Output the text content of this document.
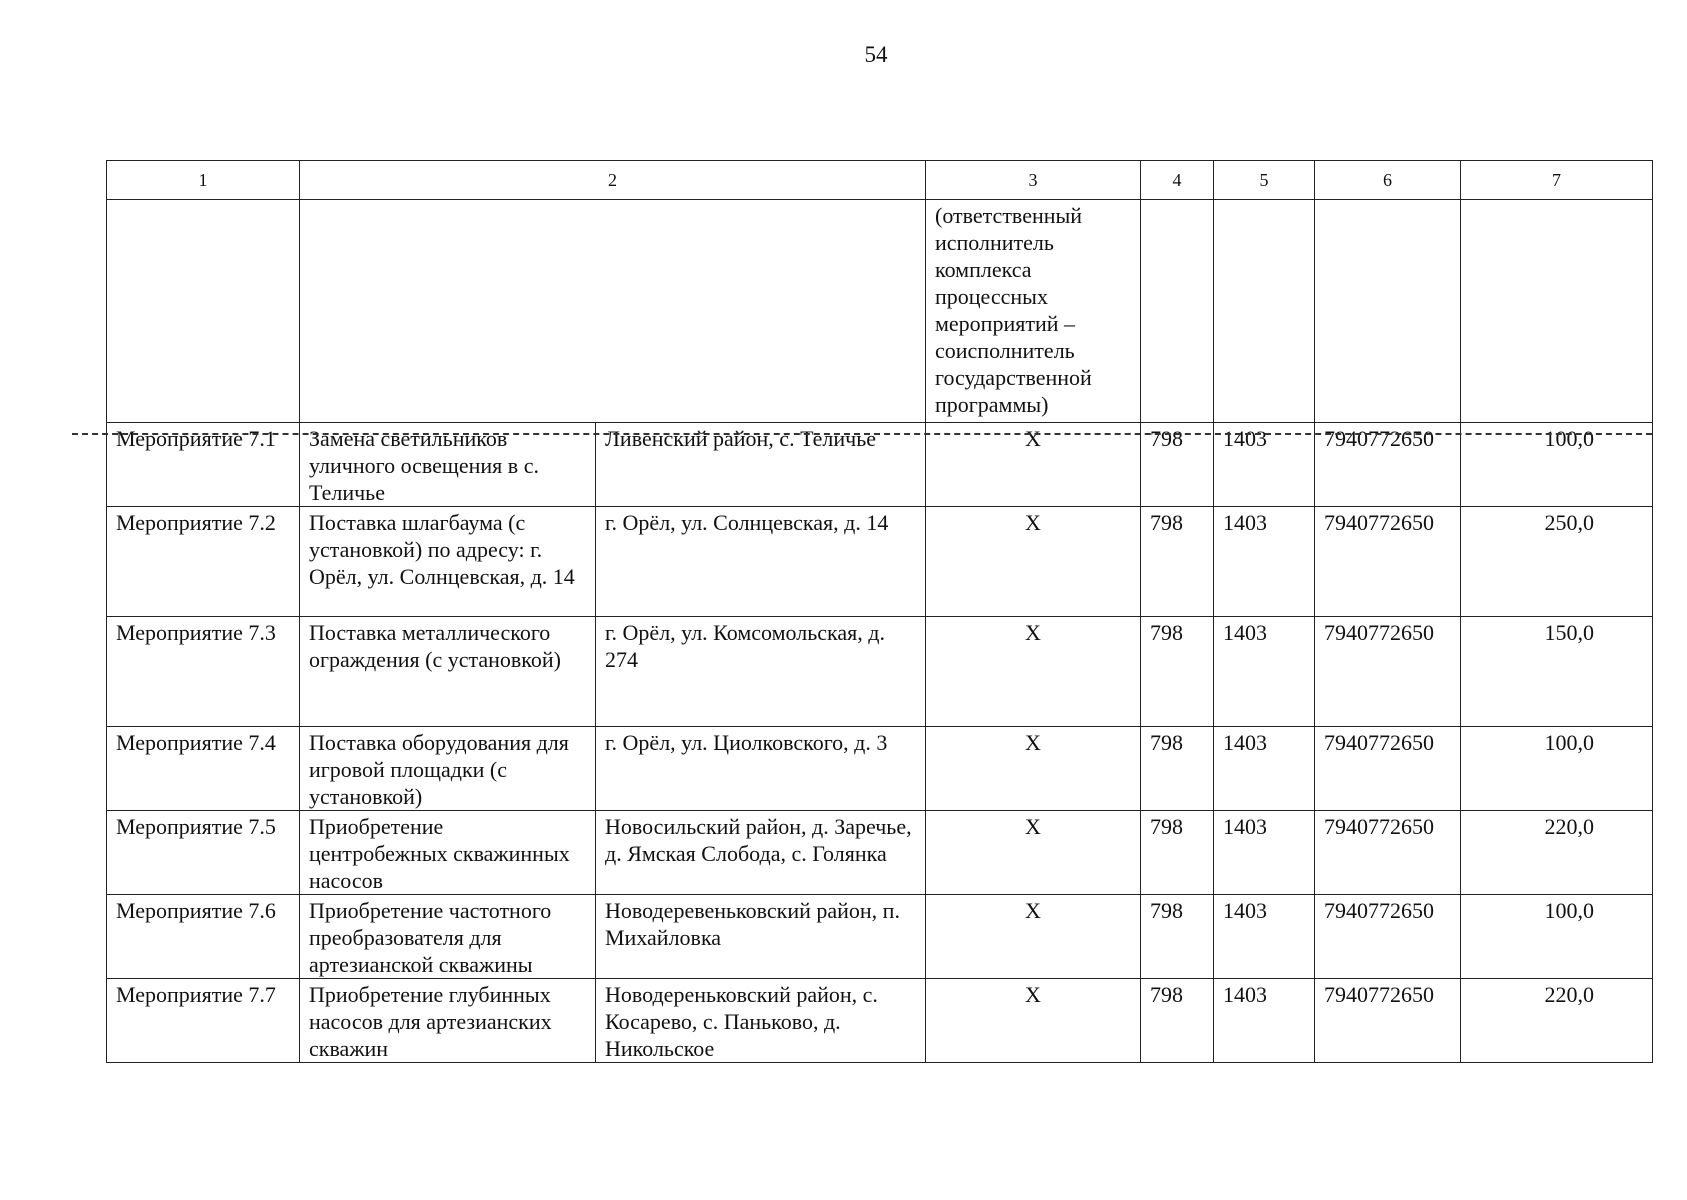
54
1	2		3	4	5	6	7

			(ответственный исполнитель комплекса процессных мероприятий – соисполнитель государственной программы)				

Мероприятие 7.1	Замена светильников уличного освещения в с. Теличье	Ливенский район, с. Теличье	X	798	1403	7940772650	100,0
Мероприятие 7.2	Поставка шлагбаума (с установкой) по адресу: г. Орёл, ул. Солнцевская, д. 14	г. Орёл, ул. Солнцевская, д. 14	X	798	1403	7940772650	250,0
Мероприятие 7.3	Поставка металлического ограждения (с установкой)	г. Орёл, ул. Комсомольская, д. 274	X	798	1403	7940772650	150,0
Мероприятие 7.4	Поставка оборудования для игровой площадки (с установкой)	г. Орёл, ул. Циолковского, д. 3	X	798	1403	7940772650	100,0
Мероприятие 7.5	Приобретение центробежных скважинных насосов	Новосильский район, д. Заречье, д. Ямская Слобода, с. Голянка	X	798	1403	7940772650	220,0
Мероприятие 7.6	Приобретение частотного преобразователя для артезианской скважины	Новодеревеньковский район, п. Михайловка	X	798	1403	7940772650	100,0
Мероприятие 7.7	Приобретение глубинных насосов для артезианских скважин	Новодереньковский район, с. Косарево, с. Паньково, д. Никольское	X	798	1403	7940772650	220,0
